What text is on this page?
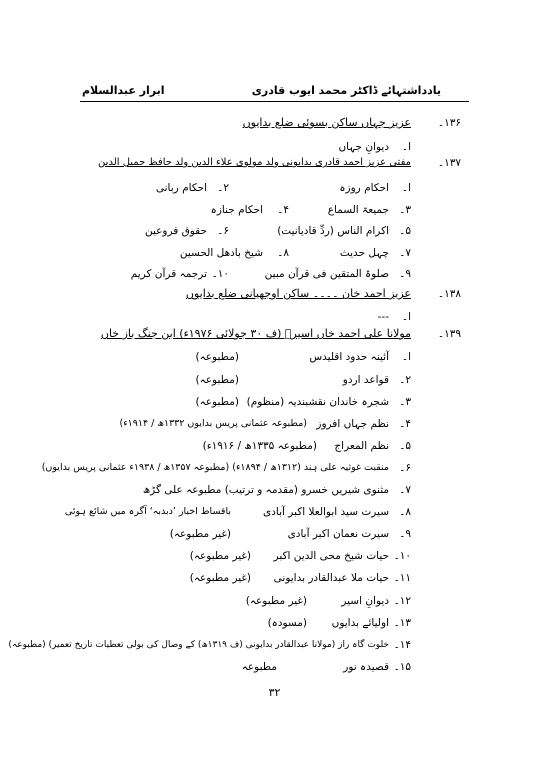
یادداشتہائے ڈاکٹر محمد ایوب قادری
ابرار عبدالسلام
۱۳۶۔
عزیز جہاں ساکن بسوئی ضلع بدایوں
ا۔
دیوانِ جہاں
۱۳۷۔
مفتی عزیز احمد قادری بدایونی ولد مولوی علاء الدین ولد حافظ جمیل الدین
ا۔
احکام روزہ
۲۔
احکام ربانی
۳۔
جمیعۃ السماع
۴۔
احکام جنازہ
۵۔
اکرام الناس (ردِّ قادیانیت)
۶۔
حقوق فروعین
۷۔
چہل حدیث
۸۔
شیخ بادھل الحسین
۹۔
صلوۃ المتقین فی قرآن مبین
۱۰۔
ترجمہ قرآن کریم
۱۳۸۔
عزیز احمد خان ۔۔۔۔ ساکن اوجھیانی ضلع بدایوں
ا۔
---
۱۳۹۔
مولانا علی احمد خاں اسیرؔ (ف ۳۰ جولائی ۱۹۷۶ء) ابن جنگ باز خاں
ا۔
آئینہ حدود اقلیدس
(مطبوعہ)
۲۔
قواعد اردو
(مطبوعہ)
۳۔
شجرہ خاندان نقشبندیہ (منظوم)
(مطبوعہ)
۴۔
نظم جہاں افروز
(مطبوعہ عثمانی پریس بدایوں ۱۳۳۲ھ / ۱۹۱۴ء)
۵۔
نظم المعراج
(مطبوعہ ۱۳۳۵ھ / ۱۹۱۶ء)
۶۔
منقبت غوثیہ علی ہند (۱۳۱۲ھ / ۱۸۹۴ء) (مطبوعہ ۱۳۵۷ھ / ۱۹۳۸ء عثمانی پریس بدایوں)
۷۔
مثنوی شیریں خسرو (مقدمہ و ترتیب) مطبوعہ علی گڑھ
۸۔
سیرت سید ابوالعلا اکبر آبادی
باقساط اخبار ’دبدبہ‘ آگرہ میں شائع ہوئی
۹۔
سیرت نعمان اکبر آبادی
(غیر مطبوعہ)
۱۰۔
حیات شیخ محی الدین اکبر
(غیر مطبوعہ)
۱۱۔
حیات ملا عبدالقادر بدایونی
(غیر مطبوعہ)
۱۲۔
دیوانِ اسیر
(غیر مطبوعہ)
۱۳۔
اولیائے بدایوں
(مسودہ)
۱۴۔
خلوت گاہ راز (مولانا عبدالقادر بدایونی (ف ۱۳۱۹ھ) کے وصال کی بولی تعطیات تاریخ تعمیر) (مطبوعہ)
۱۵۔
قصیدہ نور
مطبوعہ
۳۲
